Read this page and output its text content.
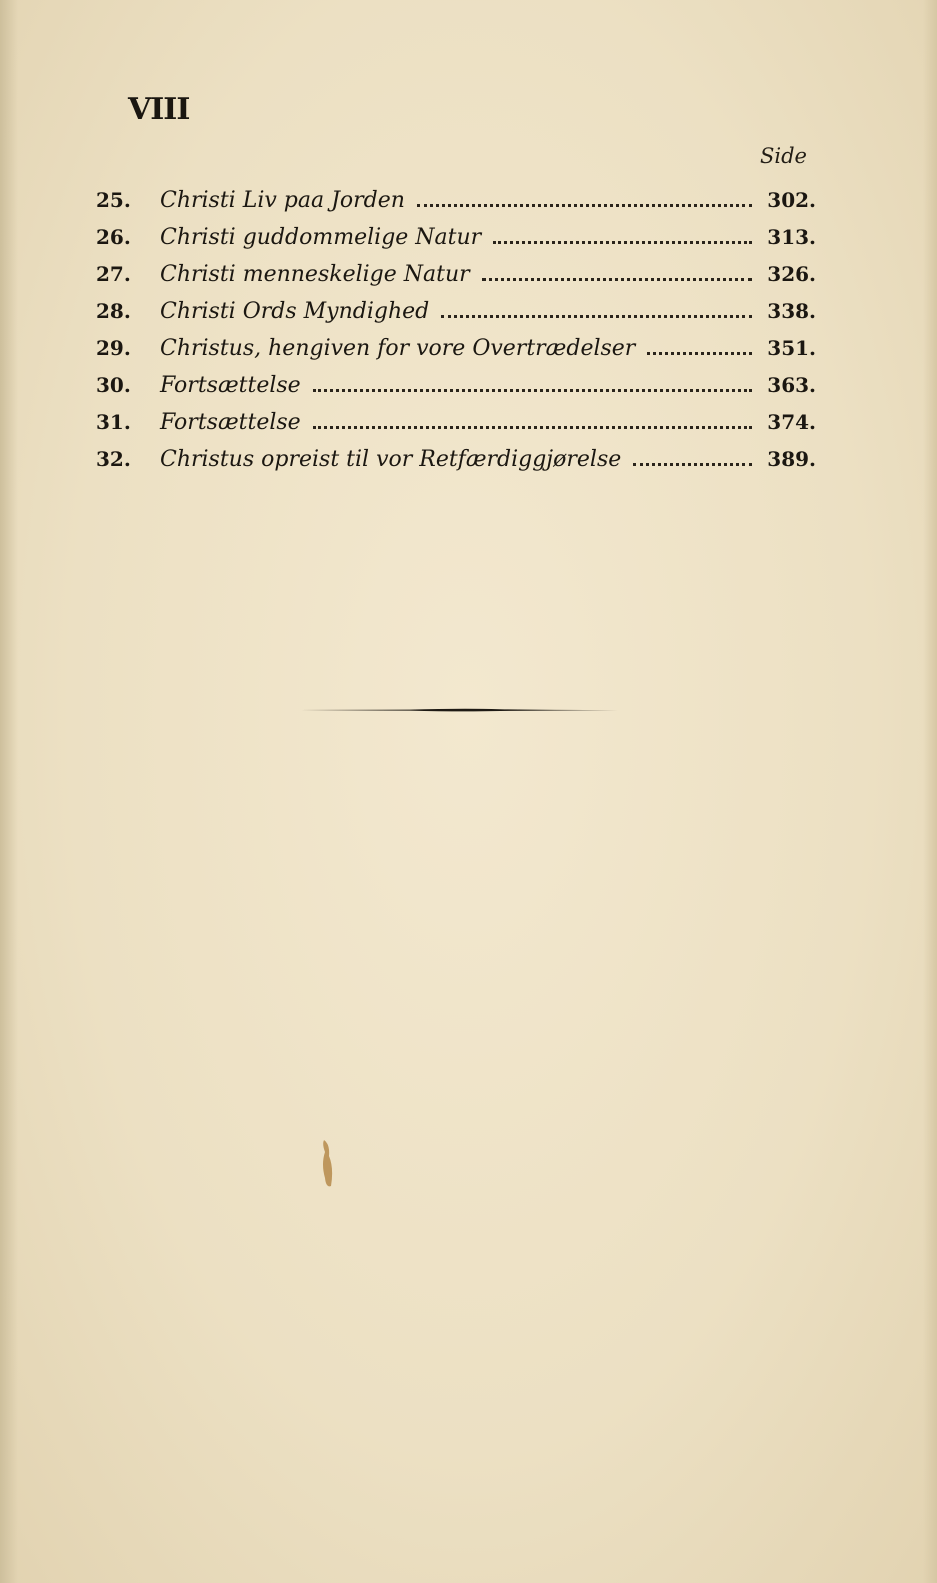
VIII
Side
25.	Christi Liv paa Jorden	302.
26.	Christi guddommelige Natur	313.
27.	Christi menneskelige Natur	326.
28.	Christi Ords Myndighed	338.
29.	Christus, hengiven for vore Overtrædelser	351.
30.	Fortsættelse	363.
31.	Fortsættelse	374.
32.	Christus opreist til vor Retfærdiggjørelse	389.
